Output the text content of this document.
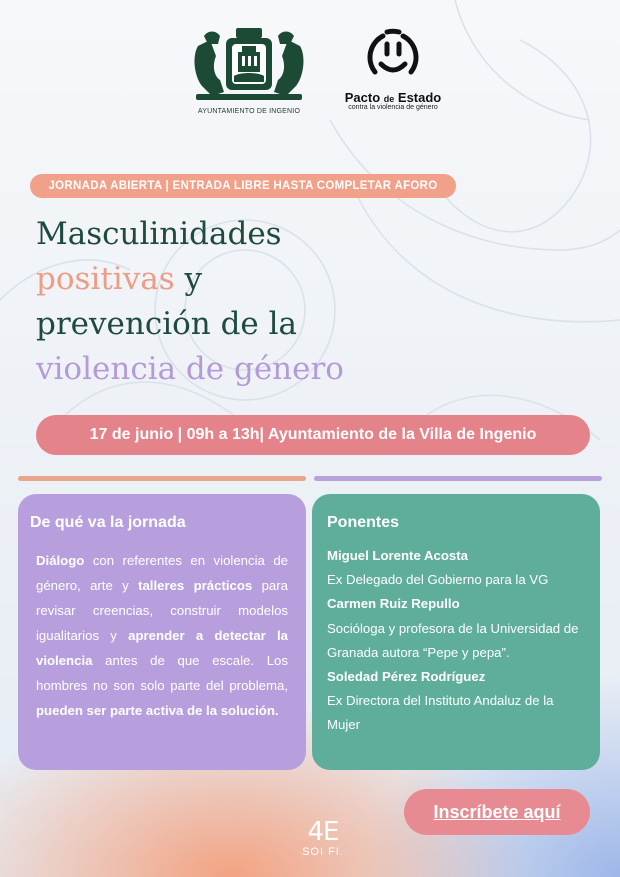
AYUNTAMIENTO DE INGENIO
Pacto de Estado
contra la violencia de género
JORNADA ABIERTA | ENTRADA LIBRE HASTA COMPLETAR AFORO
Masculinidades
positivas y
prevención de la
violencia de género
17 de junio | 09h a 13h| Ayuntamiento de la Villa de Ingenio
De qué va la jornada

Diálogo con referentes en violencia de género, arte y talleres prácticos para revisar creencias, construir modelos igualitarios y aprender a detectar la violencia antes de que escale. Los hombres no son solo parte del problema, pueden ser parte activa de la solución.

Ponentes
Miguel Lorente Acosta
Ex Delegado del Gobierno para la VG
Carmen Ruiz Repullo
Socióloga y profesora de la Universidad de Granada autora “Pepe y pepa”.
Soledad Pérez Rodríguez
Ex Directora del Instituto Andaluz de la Mujer
Inscríbete aquí
4E
SOI FI.
